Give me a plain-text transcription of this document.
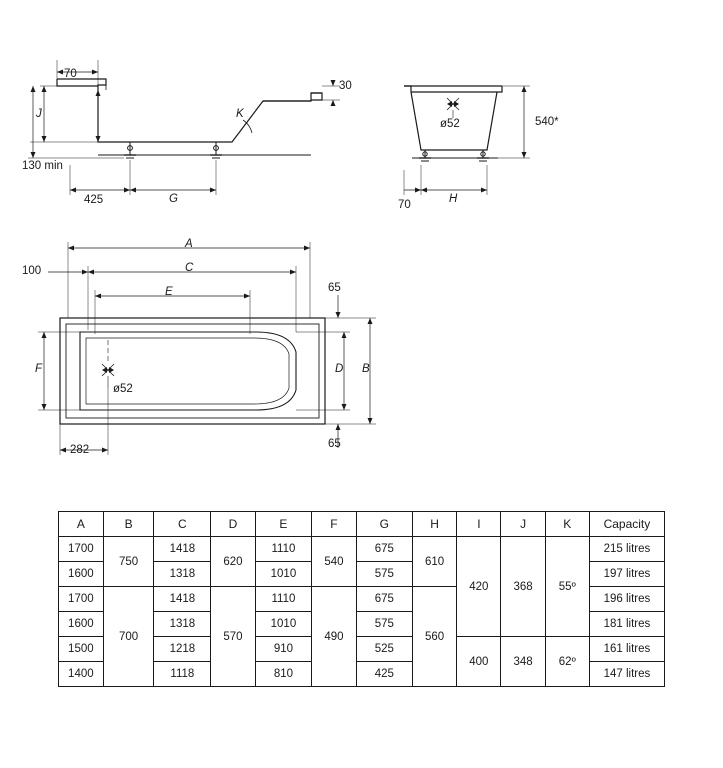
70
30
J	K
130 min
425	G
ø52	540*
70	H
A
C
E
100
65
65
F	D B
ø52
282
A	B	C	D	E	F	G	H	I	J	K	Capacity
1700	750	1418	620	1110	540	675	610	420	368	55º	215 litres
1600		1318		1010		575					197 litres
1700	700	1418	570	1110	490	675	560				196 litres
1600		1318		1010		575					181 litres
1500		1218		910		525		400	348	62º	161 litres
1400		1118		810		425					147 litres
